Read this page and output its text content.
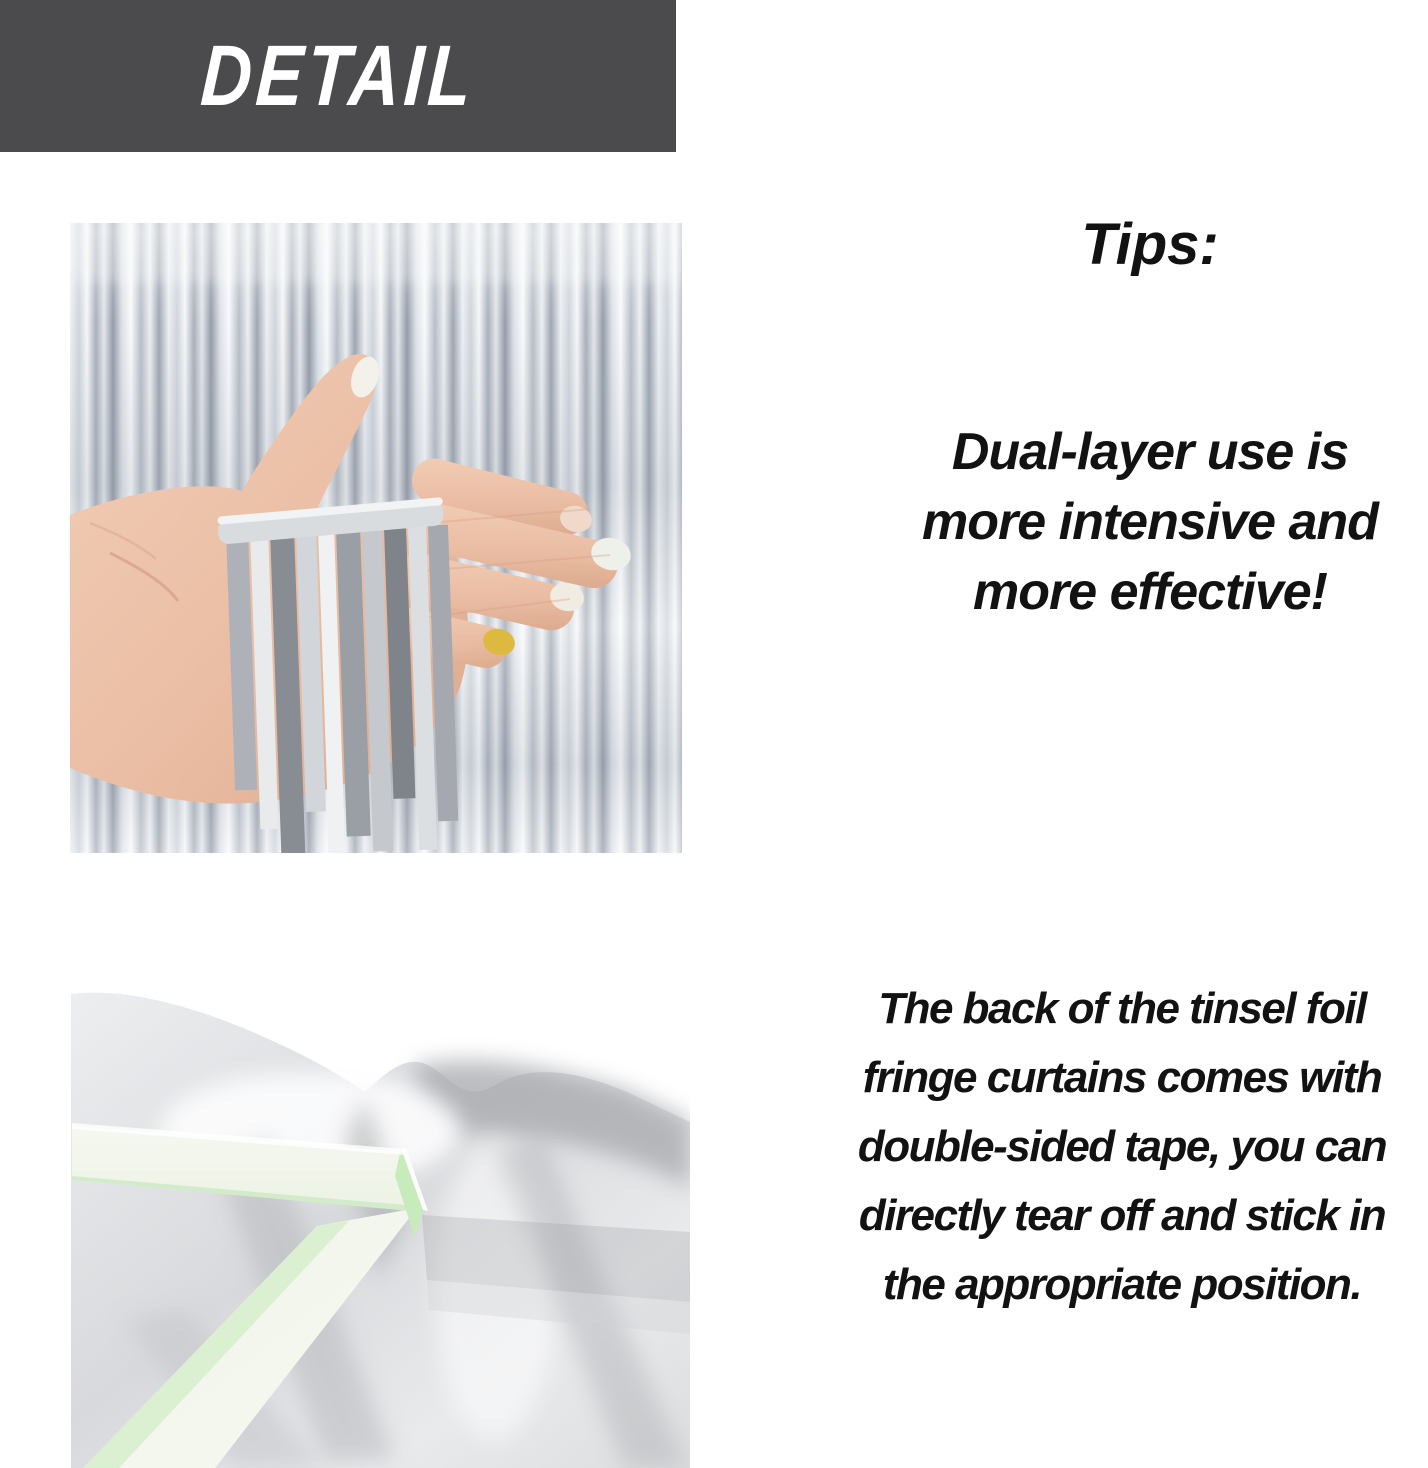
DETAIL
Tips:
Dual-layer use is
more intensive and
more effective!
The back of the tinsel foil
fringe curtains comes with
double-sided tape, you can
directly tear off and stick in
the appropriate position.
